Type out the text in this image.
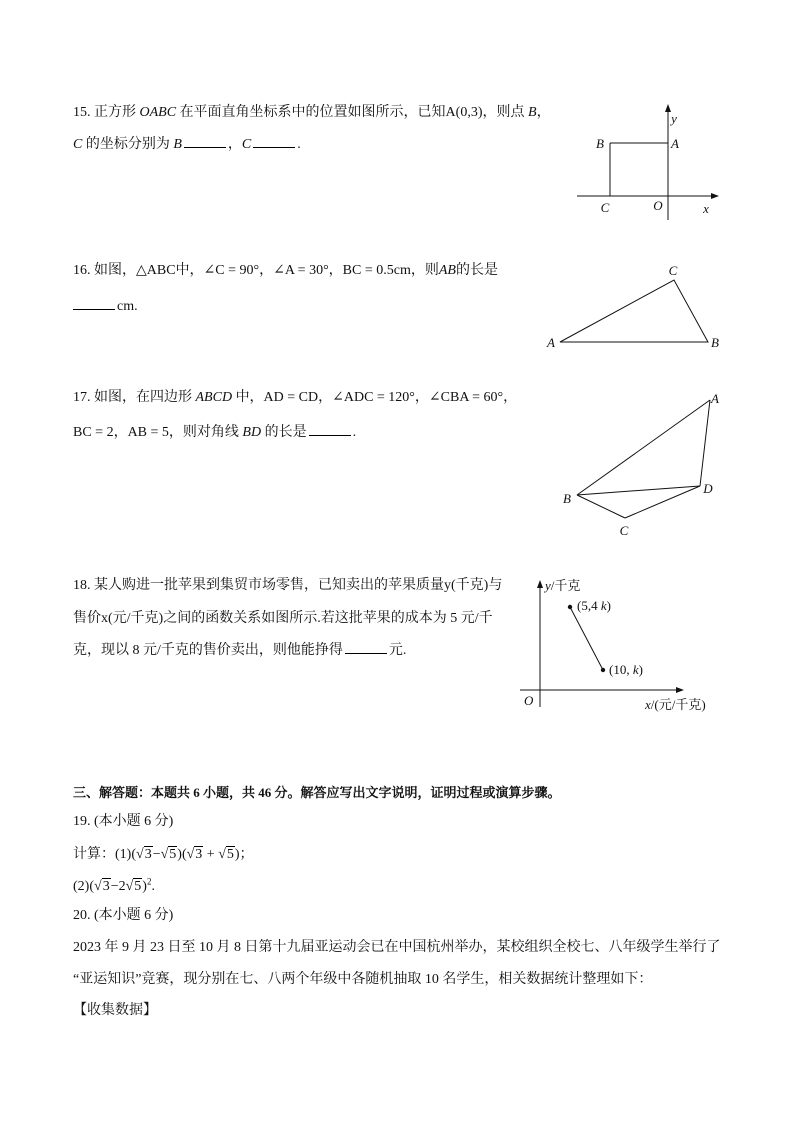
15. 正方形 OABC 在平面直角坐标系中的位置如图所示，已知A(0,3)，则点 B，
C 的坐标分别为 B	，C	.
y
A
B
C	O	x
16. 如图，△ABC中，∠C = 90°，∠A = 30°，BC = 0.5cm，则AB的长是
cm.
C
A	B
17. 如图，在四边形 ABCD 中，AD = CD，∠ADC = 120°，∠CBA = 60°，
BC = 2，AB = 5，则对角线 BD 的长是	.
A
B
D
C
18. 某人购进一批苹果到集贸市场零售，已知卖出的苹果质量y(千克)与
售价x(元/千克)之间的函数关系如图所示.若这批苹果的成本为 5 元/千
克，现以 8 元/千克的售价卖出，则他能挣得	元.
y/千克
(5,4 k)
(10, k)
O	x/(元/千克)
三、解答题：本题共 6 小题，共 46 分。解答应写出文字说明，证明过程或演算步骤。
19. (本小题 6 分)
计算：(1)(√3−√5)(√3 + √5)；
$(2)(√3-2√5)^2$.
20. (本小题 6 分)
2023 年 9 月 23 日至 10 月 8 日第十九届亚运动会已在中国杭州举办，某校组织全校七、八年级学生举行了
“亚运知识”竞赛，现分别在七、八两个年级中各随机抽取 10 名学生，相关数据统计整理如下：
【收集数据】
